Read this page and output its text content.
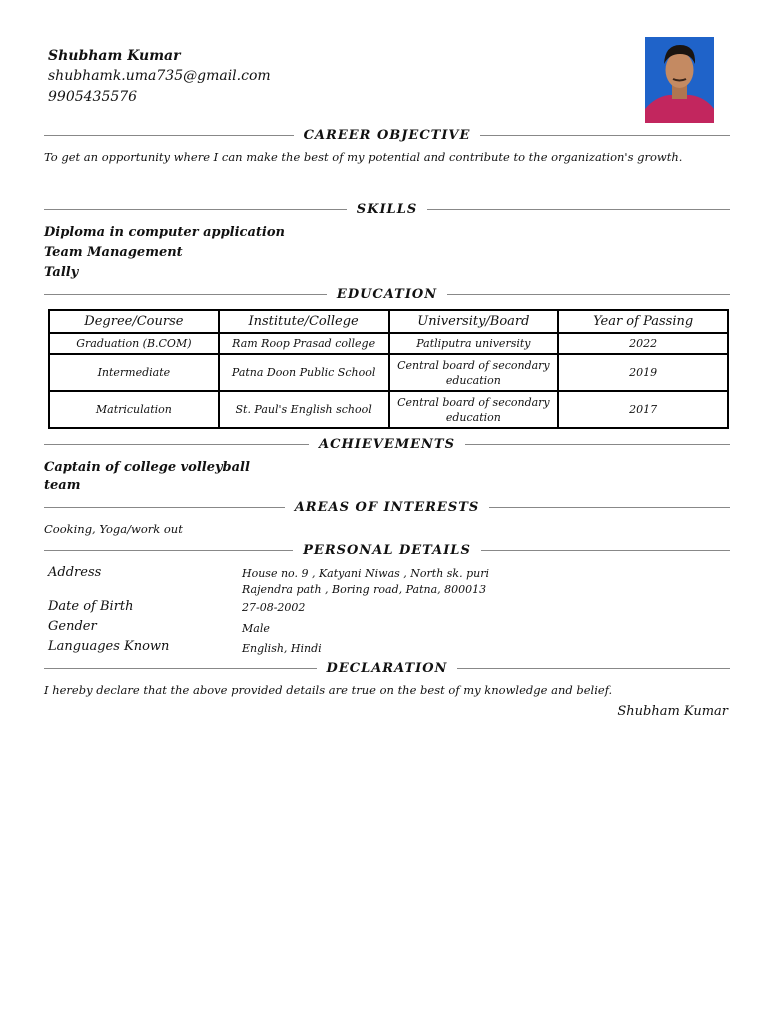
Shubham Kumar
shubhamk.uma735@gmail.com
9905435576
CAREER OBJECTIVE
To get an opportunity where I can make the best of my potential and contribute to the organization's growth.
SKILLS
Diploma in computer application
Team Management
Tally
EDUCATION
Degree/Course	Institute/College	University/Board	Year of Passing
Graduation (B.COM)	Ram Roop Prasad college	Patliputra university	2022
Intermediate	Patna Doon Public School	Central board of secondary education	2019
Matriculation	St. Paul's English school	Central board of secondary education	2017
ACHIEVEMENTS
Captain of college volleyball
team
AREAS OF INTERESTS
Cooking, Yoga/work out
PERSONAL DETAILS
Address	House no. 9 , Katyani Niwas , North sk. puri
Rajendra path , Boring road, Patna, 800013
Date of Birth	27-08-2002
Gender	Male
Languages Known	English, Hindi
DECLARATION
I hereby declare that the above provided details are true on the best of my knowledge and belief.
Shubham Kumar
